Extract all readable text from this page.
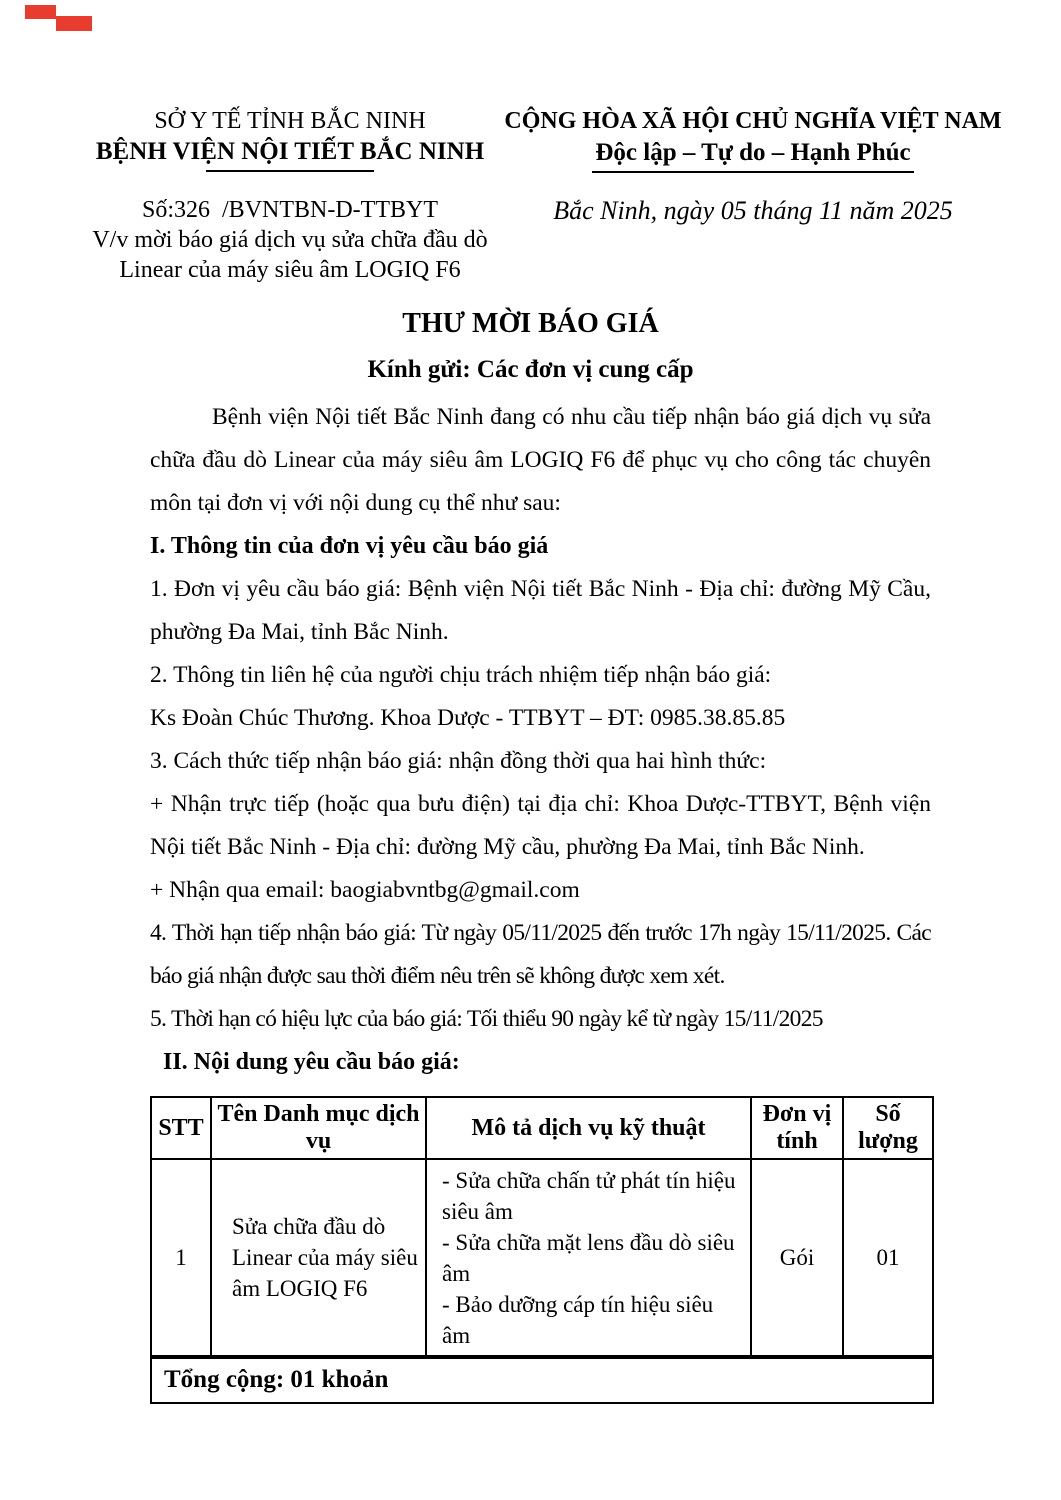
SỞ Y TẾ TỈNH BẮC NINH
BỆNH VIỆN NỘI TIẾT BẮC NINH
Số:326  /BVNTBN-D-TTBYT
V/v mời báo giá dịch vụ sửa chữa đầu dò
Linear của máy siêu âm LOGIQ F6
CỘNG HÒA XÃ HỘI CHỦ NGHĨA VIỆT NAM
Độc lập – Tự do – Hạnh Phúc
Bắc Ninh, ngày 05 tháng 11 năm 2025
THƯ MỜI BÁO GIÁ
Kính gửi: Các đơn vị cung cấp

Bệnh viện Nội tiết Bắc Ninh đang có nhu cầu tiếp nhận báo giá dịch vụ sửa chữa đầu dò Linear của máy siêu âm LOGIQ F6 để phục vụ cho công tác chuyên môn tại đơn vị với nội dung cụ thể như sau:

I. Thông tin của đơn vị yêu cầu báo giá

1. Đơn vị yêu cầu báo giá: Bệnh viện Nội tiết Bắc Ninh - Địa chỉ: đường Mỹ Cầu, phường Đa Mai, tỉnh Bắc Ninh.

2. Thông tin liên hệ của người chịu trách nhiệm tiếp nhận báo giá:

Ks Đoàn Chúc Thương. Khoa Dược - TTBYT – ĐT: 0985.38.85.85

3. Cách thức tiếp nhận báo giá: nhận đồng thời qua hai hình thức:

+ Nhận trực tiếp (hoặc qua bưu điện) tại địa chỉ: Khoa Dược-TTBYT, Bệnh viện Nội tiết Bắc Ninh - Địa chỉ: đường Mỹ cầu, phường Đa Mai, tỉnh Bắc Ninh.

+ Nhận qua email: baogiabvntbg@gmail.com

4. Thời hạn tiếp nhận báo giá: Từ ngày 05/11/2025 đến trước 17h ngày 15/11/2025. Các báo giá nhận được sau thời điểm nêu trên sẽ không được xem xét.

5. Thời hạn có hiệu lực của báo giá: Tối thiểu 90 ngày kể từ ngày 15/11/2025

II. Nội dung yêu cầu báo giá:

STT	Tên Danh mục dịch vụ	Mô tả dịch vụ kỹ thuật	Đơn vị tính	Số lượng
1	Sửa chữa đầu dò Linear của máy siêu âm LOGIQ F6	- Sửa chữa chấn tử phát tín hiệu siêu âm
- Sửa chữa mặt lens đầu dò siêu âm
- Bảo dưỡng cáp tín hiệu siêu âm	Gói	01
Tổng cộng: 01 khoản				
